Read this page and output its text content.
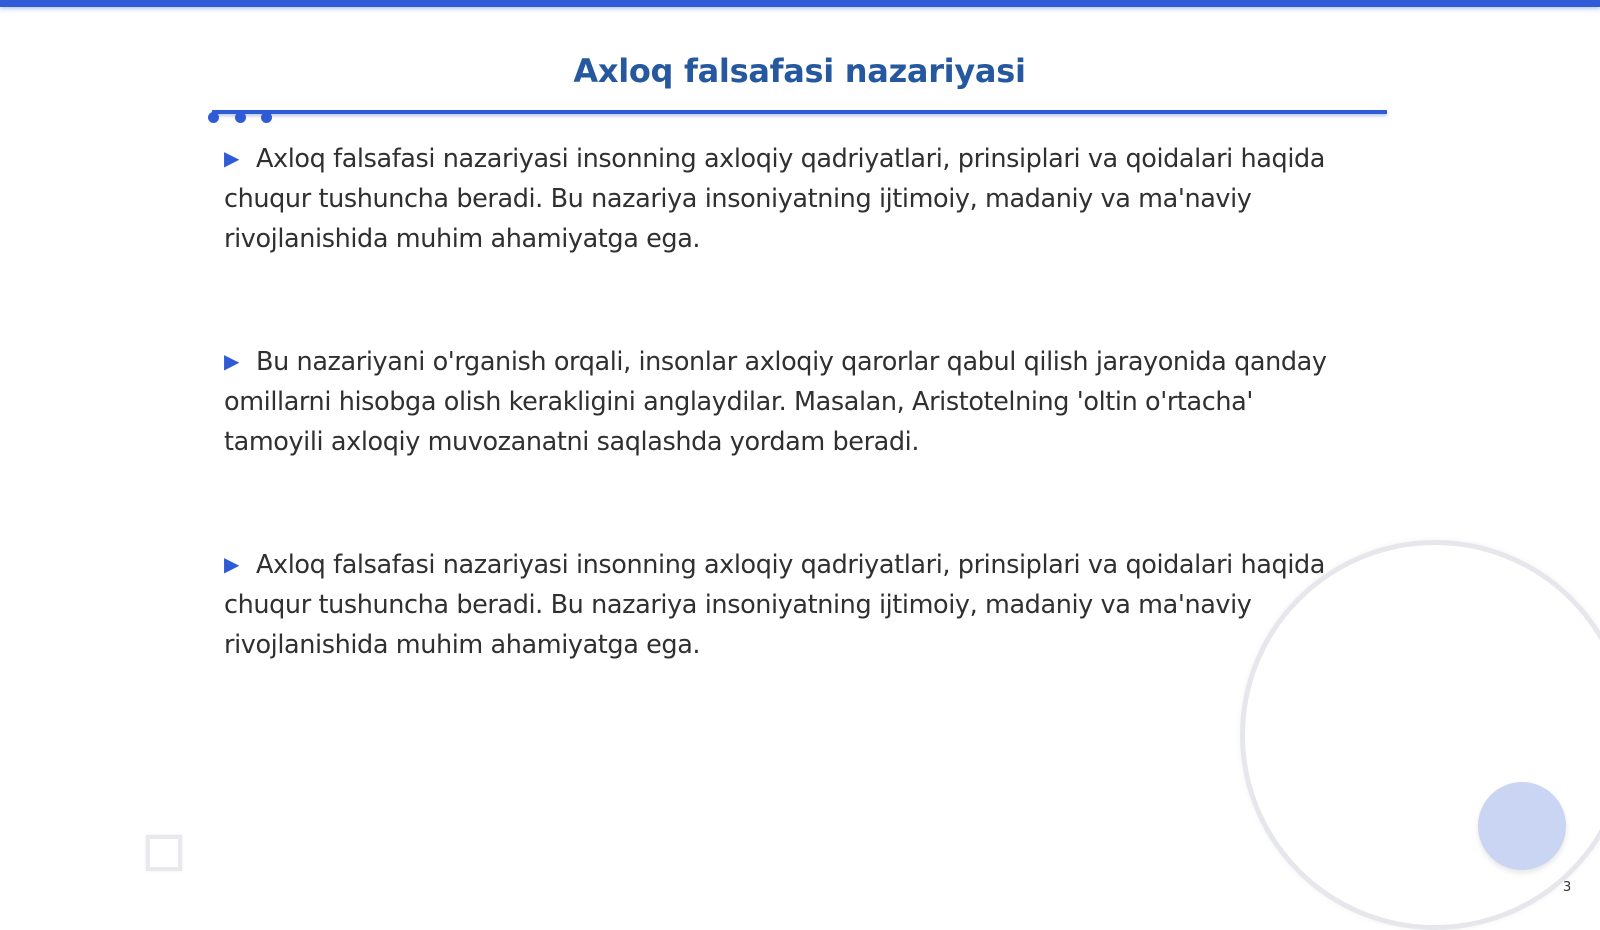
Axloq falsafasi nazariyasi
▶ Axloq falsafasi nazariyasi insonning axloqiy qadriyatlari, prinsiplari va qoidalari haqida chuqur tushuncha beradi. Bu nazariya insoniyatning ijtimoiy, madaniy va ma'naviy rivojlanishida muhim ahamiyatga ega.
▶ Bu nazariyani o'rganish orqali, insonlar axloqiy qarorlar qabul qilish jarayonida qanday omillarni hisobga olish kerakligini anglaydilar. Masalan, Aristotelning 'oltin o'rtacha' tamoyili axloqiy muvozanatni saqlashda yordam beradi.
▶ Axloq falsafasi nazariyasi insonning axloqiy qadriyatlari, prinsiplari va qoidalari haqida chuqur tushuncha beradi. Bu nazariya insoniyatning ijtimoiy, madaniy va ma'naviy rivojlanishida muhim ahamiyatga ega.
3
